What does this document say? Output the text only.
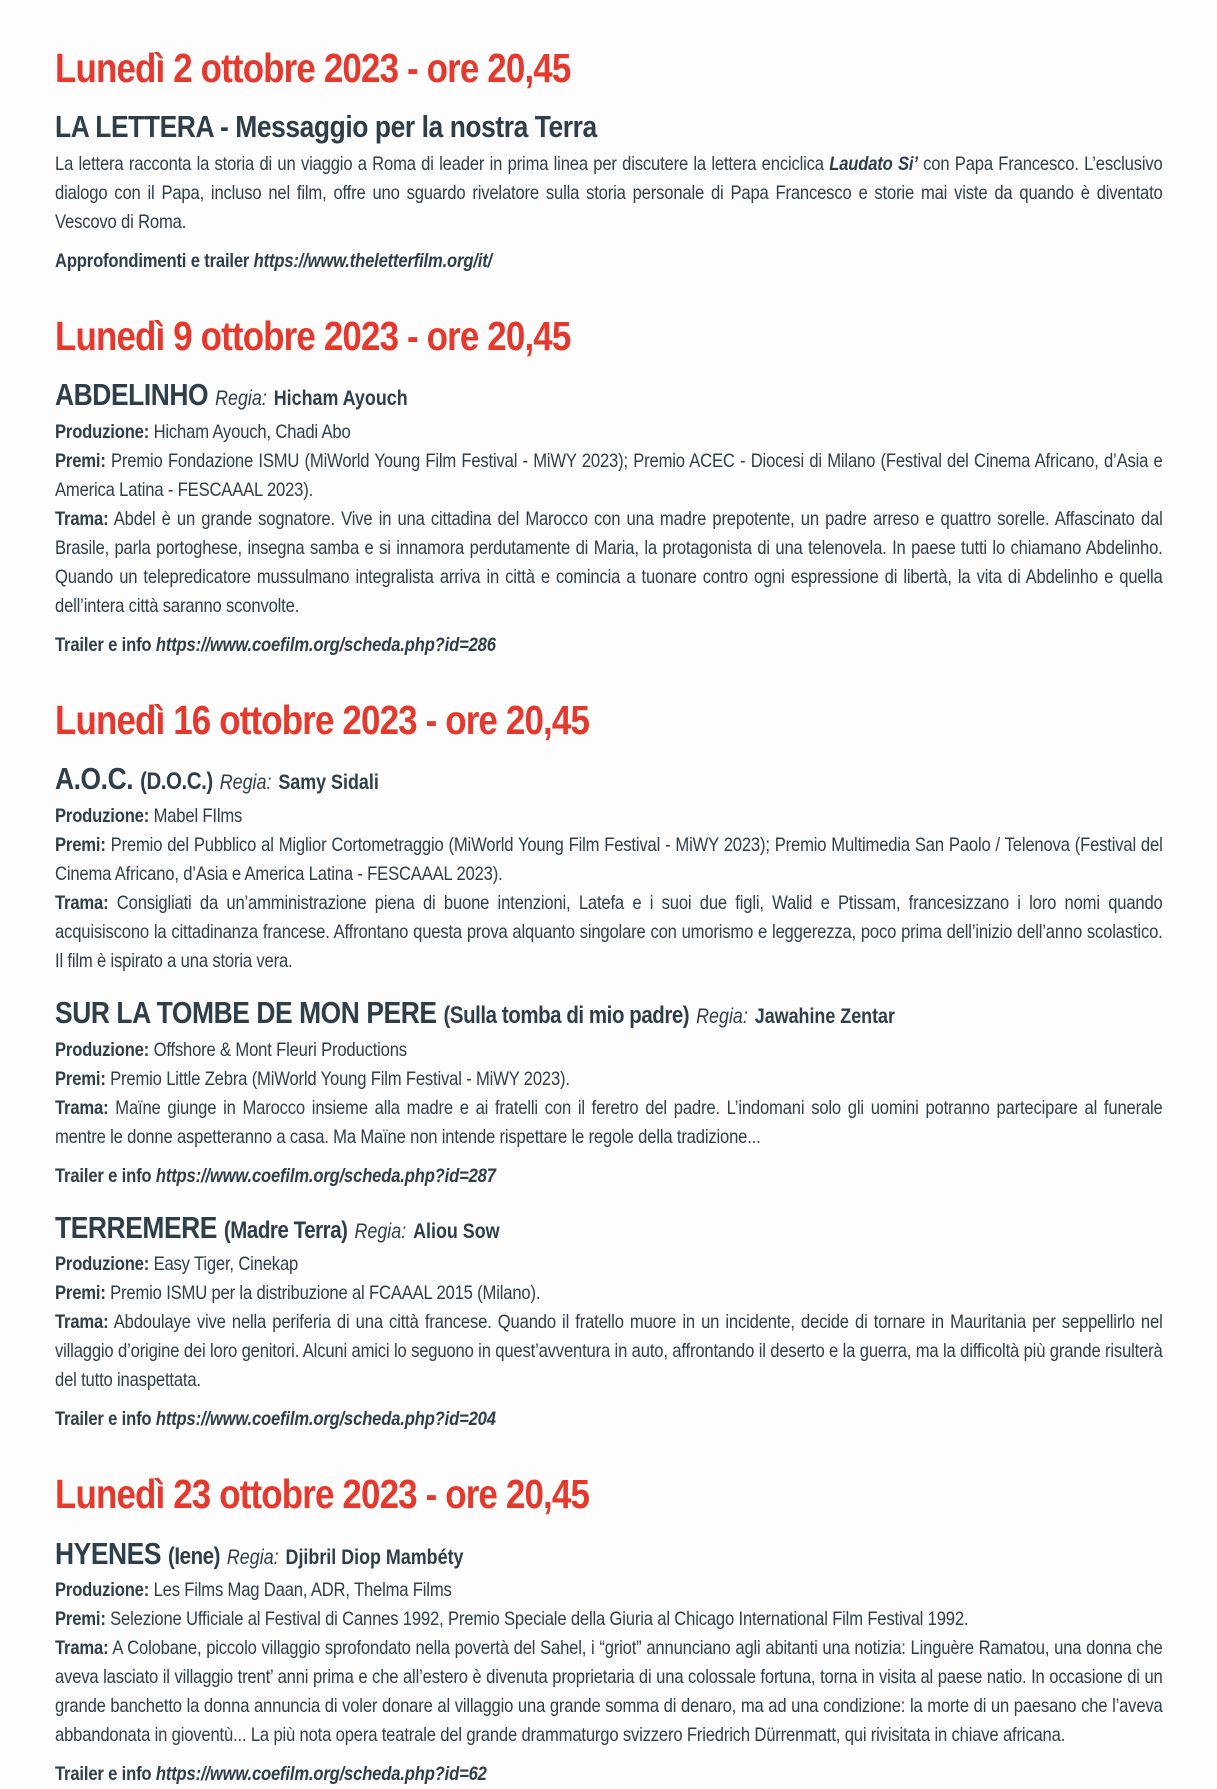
Lunedì 2 ottobre 2023 - ore 20,45
LA LETTERA - Messaggio per la nostra Terra

La lettera racconta la storia di un viaggio a Roma di leader in prima linea per discutere la lettera enciclica Laudato Si’ con Papa Francesco. L’esclusivo dialogo con il Papa, incluso nel film, offre uno sguardo rivelatore sulla storia personale di Papa Francesco e storie mai viste da quando è diventato Vescovo di Roma.

Approfondimenti e trailer https://www.theletterfilm.org/it/

Lunedì 9 ottobre 2023 - ore 20,45
ABDELINHO Regia: Hicham Ayouch

Produzione: Hicham Ayouch, Chadi Abo

Premi: Premio Fondazione ISMU (MiWorld Young Film Festival - MiWY 2023); Premio ACEC - Diocesi di Milano (Festival del Cinema Africano, d’Asia e America Latina - FESCAAAL 2023).

Trama: Abdel è un grande sognatore. Vive in una cittadina del Marocco con una madre prepotente, un padre arreso e quattro sorelle. Affascinato dal Brasile, parla portoghese, insegna samba e si innamora perdutamente di Maria, la protagonista di una telenovela. In paese tutti lo chiamano Abdelinho. Quando un telepredicatore mussulmano integralista arriva in città e comincia a tuonare contro ogni espressione di libertà, la vita di Abdelinho e quella dell’intera città saranno sconvolte.

Trailer e info https://www.coefilm.org/scheda.php?id=286

Lunedì 16 ottobre 2023 - ore 20,45
A.O.C. (D.O.C.) Regia: Samy Sidali

Produzione: Mabel FIlms

Premi: Premio del Pubblico al Miglior Cortometraggio (MiWorld Young Film Festival - MiWY 2023); Premio Multimedia San Paolo / Telenova (Festival del Cinema Africano, d’Asia e America Latina - FESCAAAL 2023).

Trama: Consigliati da un’amministrazione piena di buone intenzioni, Latefa e i suoi due figli, Walid e Ptissam, francesizzano i loro nomi quando acquisiscono la cittadinanza francese. Affrontano questa prova alquanto singolare con umorismo e leggerezza, poco prima dell’inizio dell’anno scolastico. Il film è ispirato a una storia vera.

SUR LA TOMBE DE MON PERE (Sulla tomba di mio padre) Regia: Jawahine Zentar

Produzione: Offshore & Mont Fleuri Productions

Premi: Premio Little Zebra (MiWorld Young Film Festival - MiWY 2023).

Trama: Maïne giunge in Marocco insieme alla madre e ai fratelli con il feretro del padre. L’indomani solo gli uomini potranno partecipare al funerale mentre le donne aspetteranno a casa. Ma Maïne non intende rispettare le regole della tradizione...

Trailer e info https://www.coefilm.org/scheda.php?id=287

TERREMERE (Madre Terra) Regia: Aliou Sow

Produzione: Easy Tiger, Cinekap

Premi: Premio ISMU per la distribuzione al FCAAAL 2015 (Milano).

Trama: Abdoulaye vive nella periferia di una città francese. Quando il fratello muore in un incidente, decide di tornare in Mauritania per seppellirlo nel villaggio d’origine dei loro genitori. Alcuni amici lo seguono in quest’avventura in auto, affrontando il deserto e la guerra, ma la difficoltà più grande risulterà del tutto inaspettata.

Trailer e info https://www.coefilm.org/scheda.php?id=204

Lunedì 23 ottobre 2023 - ore 20,45
HYENES (Iene) Regia: Djibril Diop Mambéty

Produzione: Les Films Mag Daan, ADR, Thelma Films

Premi: Selezione Ufficiale al Festival di Cannes 1992, Premio Speciale della Giuria al Chicago International Film Festival 1992.

Trama: A Colobane, piccolo villaggio sprofondato nella povertà del Sahel, i “griot” annunciano agli abitanti una notizia: Linguère Ramatou, una donna che aveva lasciato il villaggio trent’ anni prima e che all’estero è divenuta proprietaria di una colossale fortuna, torna in visita al paese natio. In occasione di un grande banchetto la donna annuncia di voler donare al villaggio una grande somma di denaro, ma ad una condizione: la morte di un paesano che l’aveva abbandonata in gioventù... La più nota opera teatrale del grande drammaturgo svizzero Friedrich Dürrenmatt, qui rivisitata in chiave africana.

Trailer e info https://www.coefilm.org/scheda.php?id=62
